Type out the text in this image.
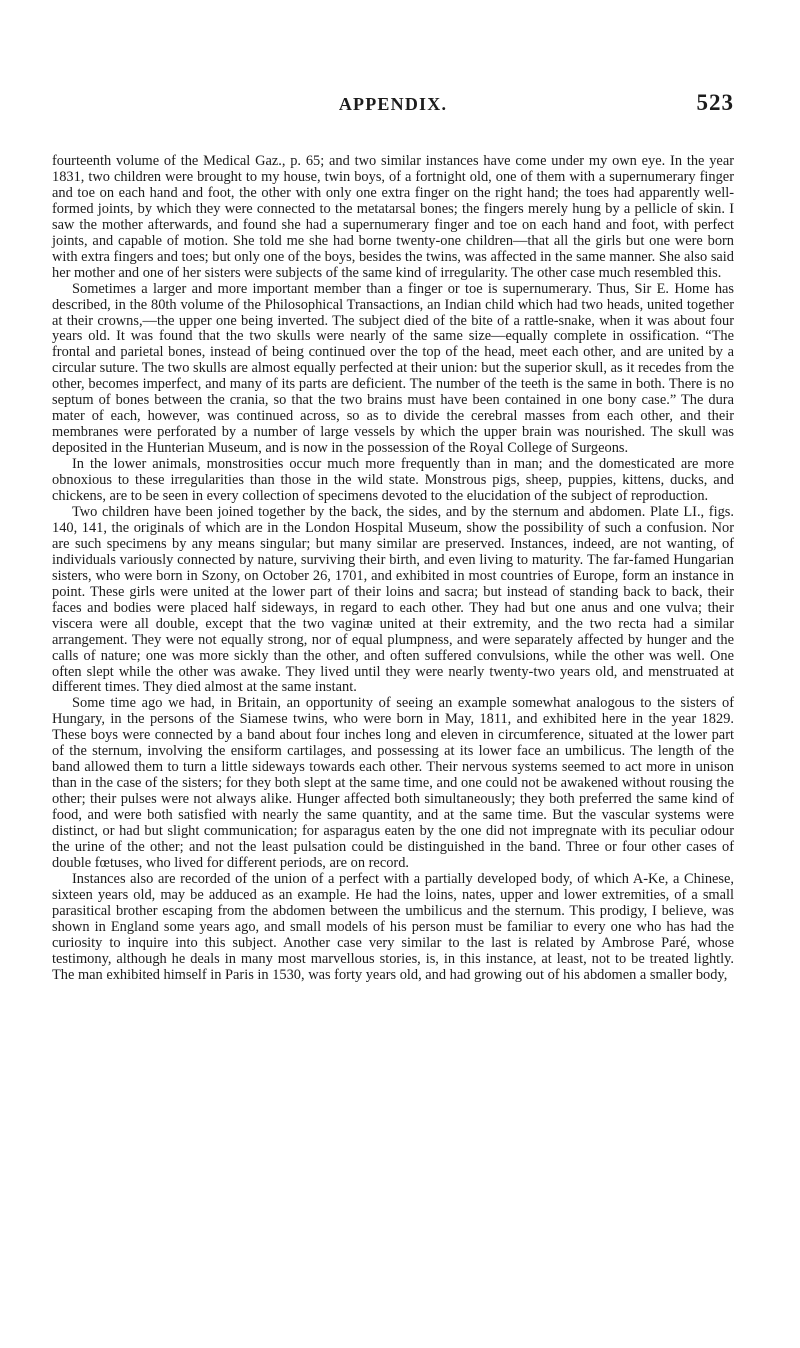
APPENDIX.	523

fourteenth volume of the Medical Gaz., p. 65; and two similar instances have come under my own eye. In the year 1831, two children were brought to my house, twin boys, of a fortnight old, one of them with a supernumerary finger and toe on each hand and foot, the other with only one extra finger on the right hand; the toes had apparently well-formed joints, by which they were connected to the metatarsal bones; the fingers merely hung by a pellicle of skin. I saw the mother afterwards, and found she had a supernumerary finger and toe on each hand and foot, with perfect joints, and capable of motion. She told me she had borne twenty-one children—that all the girls but one were born with extra fingers and toes; but only one of the boys, besides the twins, was affected in the same manner. She also said her mother and one of her sisters were subjects of the same kind of irregularity. The other case much resembled this.

Sometimes a larger and more important member than a finger or toe is supernumerary. Thus, Sir E. Home has described, in the 80th volume of the Philosophical Transactions, an Indian child which had two heads, united together at their crowns,—the upper one being inverted. The subject died of the bite of a rattle-snake, when it was about four years old. It was found that the two skulls were nearly of the same size—equally complete in ossification. “The frontal and parietal bones, instead of being continued over the top of the head, meet each other, and are united by a circular suture. The two skulls are almost equally perfected at their union: but the superior skull, as it recedes from the other, becomes imperfect, and many of its parts are deficient. The number of the teeth is the same in both. There is no septum of bones between the crania, so that the two brains must have been contained in one bony case.” The dura mater of each, however, was continued across, so as to divide the cerebral masses from each other, and their membranes were perforated by a number of large vessels by which the upper brain was nourished. The skull was deposited in the Hunterian Museum, and is now in the possession of the Royal College of Surgeons.

In the lower animals, monstrosities occur much more frequently than in man; and the domesticated are more obnoxious to these irregularities than those in the wild state. Monstrous pigs, sheep, puppies, kittens, ducks, and chickens, are to be seen in every collection of specimens devoted to the elucidation of the subject of reproduction.

Two children have been joined together by the back, the sides, and by the sternum and abdomen. Plate LI., figs. 140, 141, the originals of which are in the London Hospital Museum, show the possibility of such a confusion. Nor are such specimens by any means singular; but many similar are preserved. Instances, indeed, are not wanting, of individuals variously connected by nature, surviving their birth, and even living to maturity. The far-famed Hungarian sisters, who were born in Szony, on October 26, 1701, and exhibited in most countries of Europe, form an instance in point. These girls were united at the lower part of their loins and sacra; but instead of standing back to back, their faces and bodies were placed half sideways, in regard to each other. They had but one anus and one vulva; their viscera were all double, except that the two vaginæ united at their extremity, and the two recta had a similar arrangement. They were not equally strong, nor of equal plumpness, and were separately affected by hunger and the calls of nature; one was more sickly than the other, and often suffered convulsions, while the other was well. One often slept while the other was awake. They lived until they were nearly twenty-two years old, and menstruated at different times. They died almost at the same instant.

Some time ago we had, in Britain, an opportunity of seeing an example somewhat analogous to the sisters of Hungary, in the persons of the Siamese twins, who were born in May, 1811, and exhibited here in the year 1829. These boys were connected by a band about four inches long and eleven in circumference, situated at the lower part of the sternum, involving the ensiform cartilages, and possessing at its lower face an umbilicus. The length of the band allowed them to turn a little sideways towards each other. Their nervous systems seemed to act more in unison than in the case of the sisters; for they both slept at the same time, and one could not be awakened without rousing the other; their pulses were not always alike. Hunger affected both simultaneously; they both preferred the same kind of food, and were both satisfied with nearly the same quantity, and at the same time. But the vascular systems were distinct, or had but slight communication; for asparagus eaten by the one did not impregnate with its peculiar odour the urine of the other; and not the least pulsation could be distinguished in the band. Three or four other cases of double fœtuses, who lived for different periods, are on record.

Instances also are recorded of the union of a perfect with a partially developed body, of which A-Ke, a Chinese, sixteen years old, may be adduced as an example. He had the loins, nates, upper and lower extremities, of a small parasitical brother escaping from the abdomen between the umbilicus and the sternum. This prodigy, I believe, was shown in England some years ago, and small models of his person must be familiar to every one who has had the curiosity to inquire into this subject. Another case very similar to the last is related by Ambrose Paré, whose testimony, although he deals in many most marvellous stories, is, in this instance, at least, not to be treated lightly. The man exhibited himself in Paris in 1530, was forty years old, and had growing out of his abdomen a smaller body,
